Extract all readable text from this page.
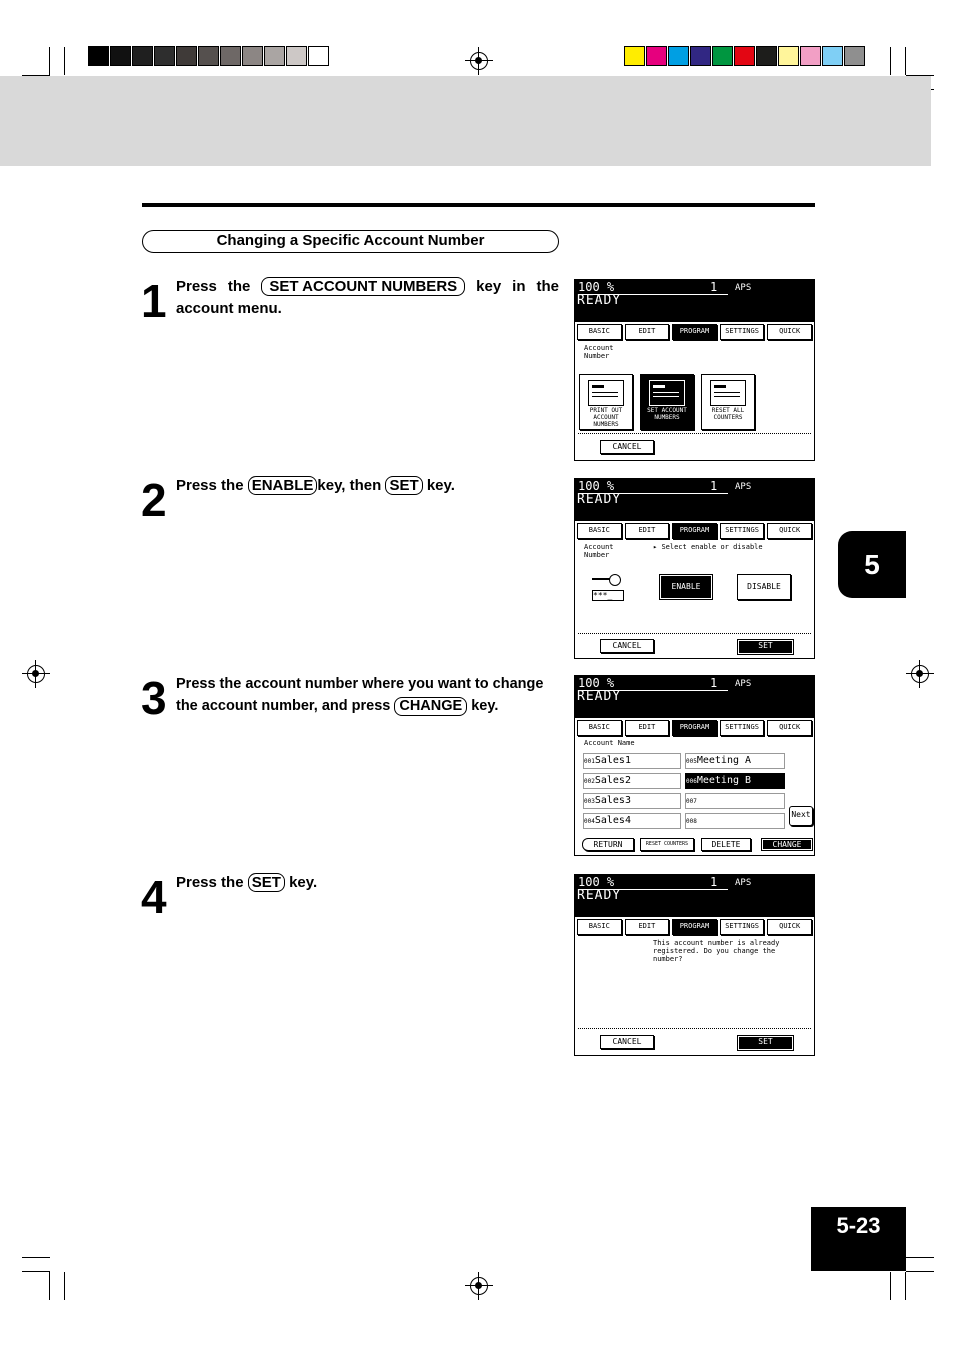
Changing a Specific Account Number
1 Press the SET ACCOUNT NUMBERS key in the account menu.
2 Press the ENABLE key, then SET key.
3 Press the account number where you want to change the account number, and press CHANGE key.
4 Press the SET key.
100 %	1 APS
READY
BASIC	EDIT	PROGRAM	SETTINGS	QUICK
Account Number
PRINT OUT ACCOUNT NUMBERS
SET ACCOUNT NUMBERS
RESET ALL COUNTERS
CANCEL
100 %	1 APS
READY
BASIC	EDIT	PROGRAM	SETTINGS	QUICK
Account Number
▸ Select enable or disable
***_
ENABLE	DISABLE
CANCEL	SET
100 %	1 APS
READY
BASIC	EDIT	PROGRAM	SETTINGS	QUICK
Account Name
001Sales1
002Sales2
003Sales3
004Sales4
005Meeting A
006Meeting B
007
008
Next
RETURN	RESET COUNTERS	DELETE	CHANGE
100 %	1 APS
READY
BASIC	EDIT	PROGRAM	SETTINGS	QUICK
This account number is already registered. Do you change the number?
CANCEL	SET
5
5-23
